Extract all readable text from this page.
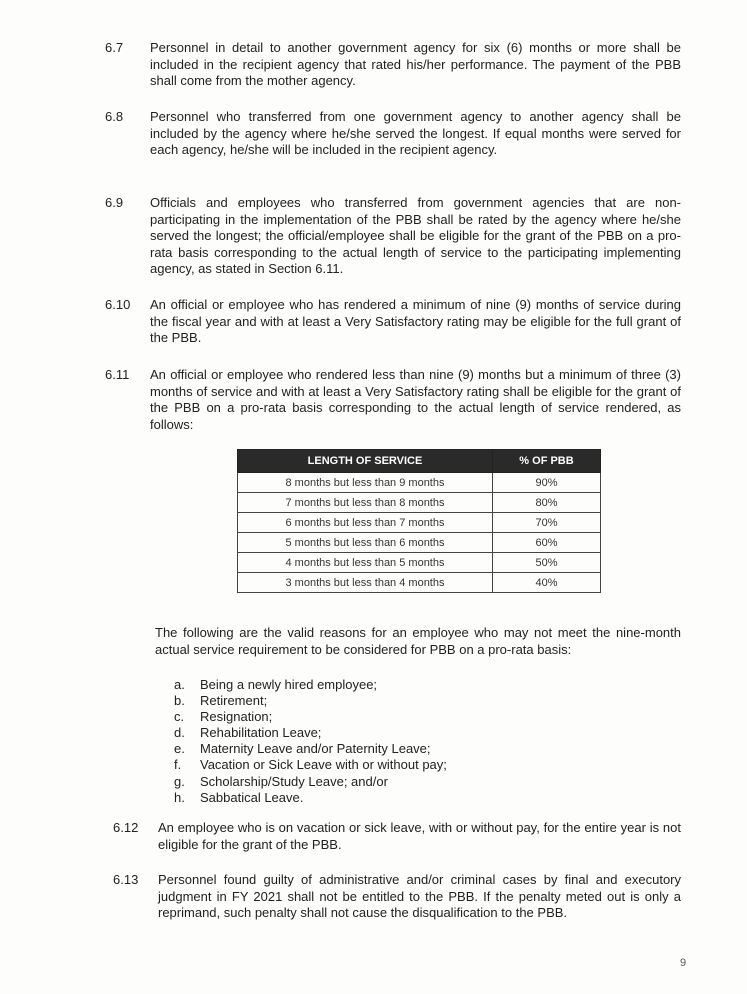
6.7	Personnel in detail to another government agency for six (6) months or more shall be included in the recipient agency that rated his/her performance. The payment of the PBB shall come from the mother agency.
6.8	Personnel who transferred from one government agency to another agency shall be included by the agency where he/she served the longest. If equal months were served for each agency, he/she will be included in the recipient agency.
6.9	Officials and employees who transferred from government agencies that are non-participating in the implementation of the PBB shall be rated by the agency where he/she served the longest; the official/employee shall be eligible for the grant of the PBB on a pro-rata basis corresponding to the actual length of service to the participating implementing agency, as stated in Section 6.11.
6.10	An official or employee who has rendered a minimum of nine (9) months of service during the fiscal year and with at least a Very Satisfactory rating may be eligible for the full grant of the PBB.
6.11	An official or employee who rendered less than nine (9) months but a minimum of three (3) months of service and with at least a Very Satisfactory rating shall be eligible for the grant of the PBB on a pro-rata basis corresponding to the actual length of service rendered, as follows:
LENGTH OF SERVICE	% OF PBB
8 months but less than 9 months	90%
7 months but less than 8 months	80%
6 months but less than 7 months	70%
5 months but less than 6 months	60%
4 months but less than 5 months	50%
3 months but less than 4 months	40%
The following are the valid reasons for an employee who may not meet the nine-month actual service requirement to be considered for PBB on a pro-rata basis:
a.	Being a newly hired employee;
b.	Retirement;
c.	Resignation;
d.	Rehabilitation Leave;
e.	Maternity Leave and/or Paternity Leave;
f.	Vacation or Sick Leave with or without pay;
g.	Scholarship/Study Leave; and/or
h.	Sabbatical Leave.
6.12	An employee who is on vacation or sick leave, with or without pay, for the entire year is not eligible for the grant of the PBB.
6.13	Personnel found guilty of administrative and/or criminal cases by final and executory judgment in FY 2021 shall not be entitled to the PBB. If the penalty meted out is only a reprimand, such penalty shall not cause the disqualification to the PBB.
9
